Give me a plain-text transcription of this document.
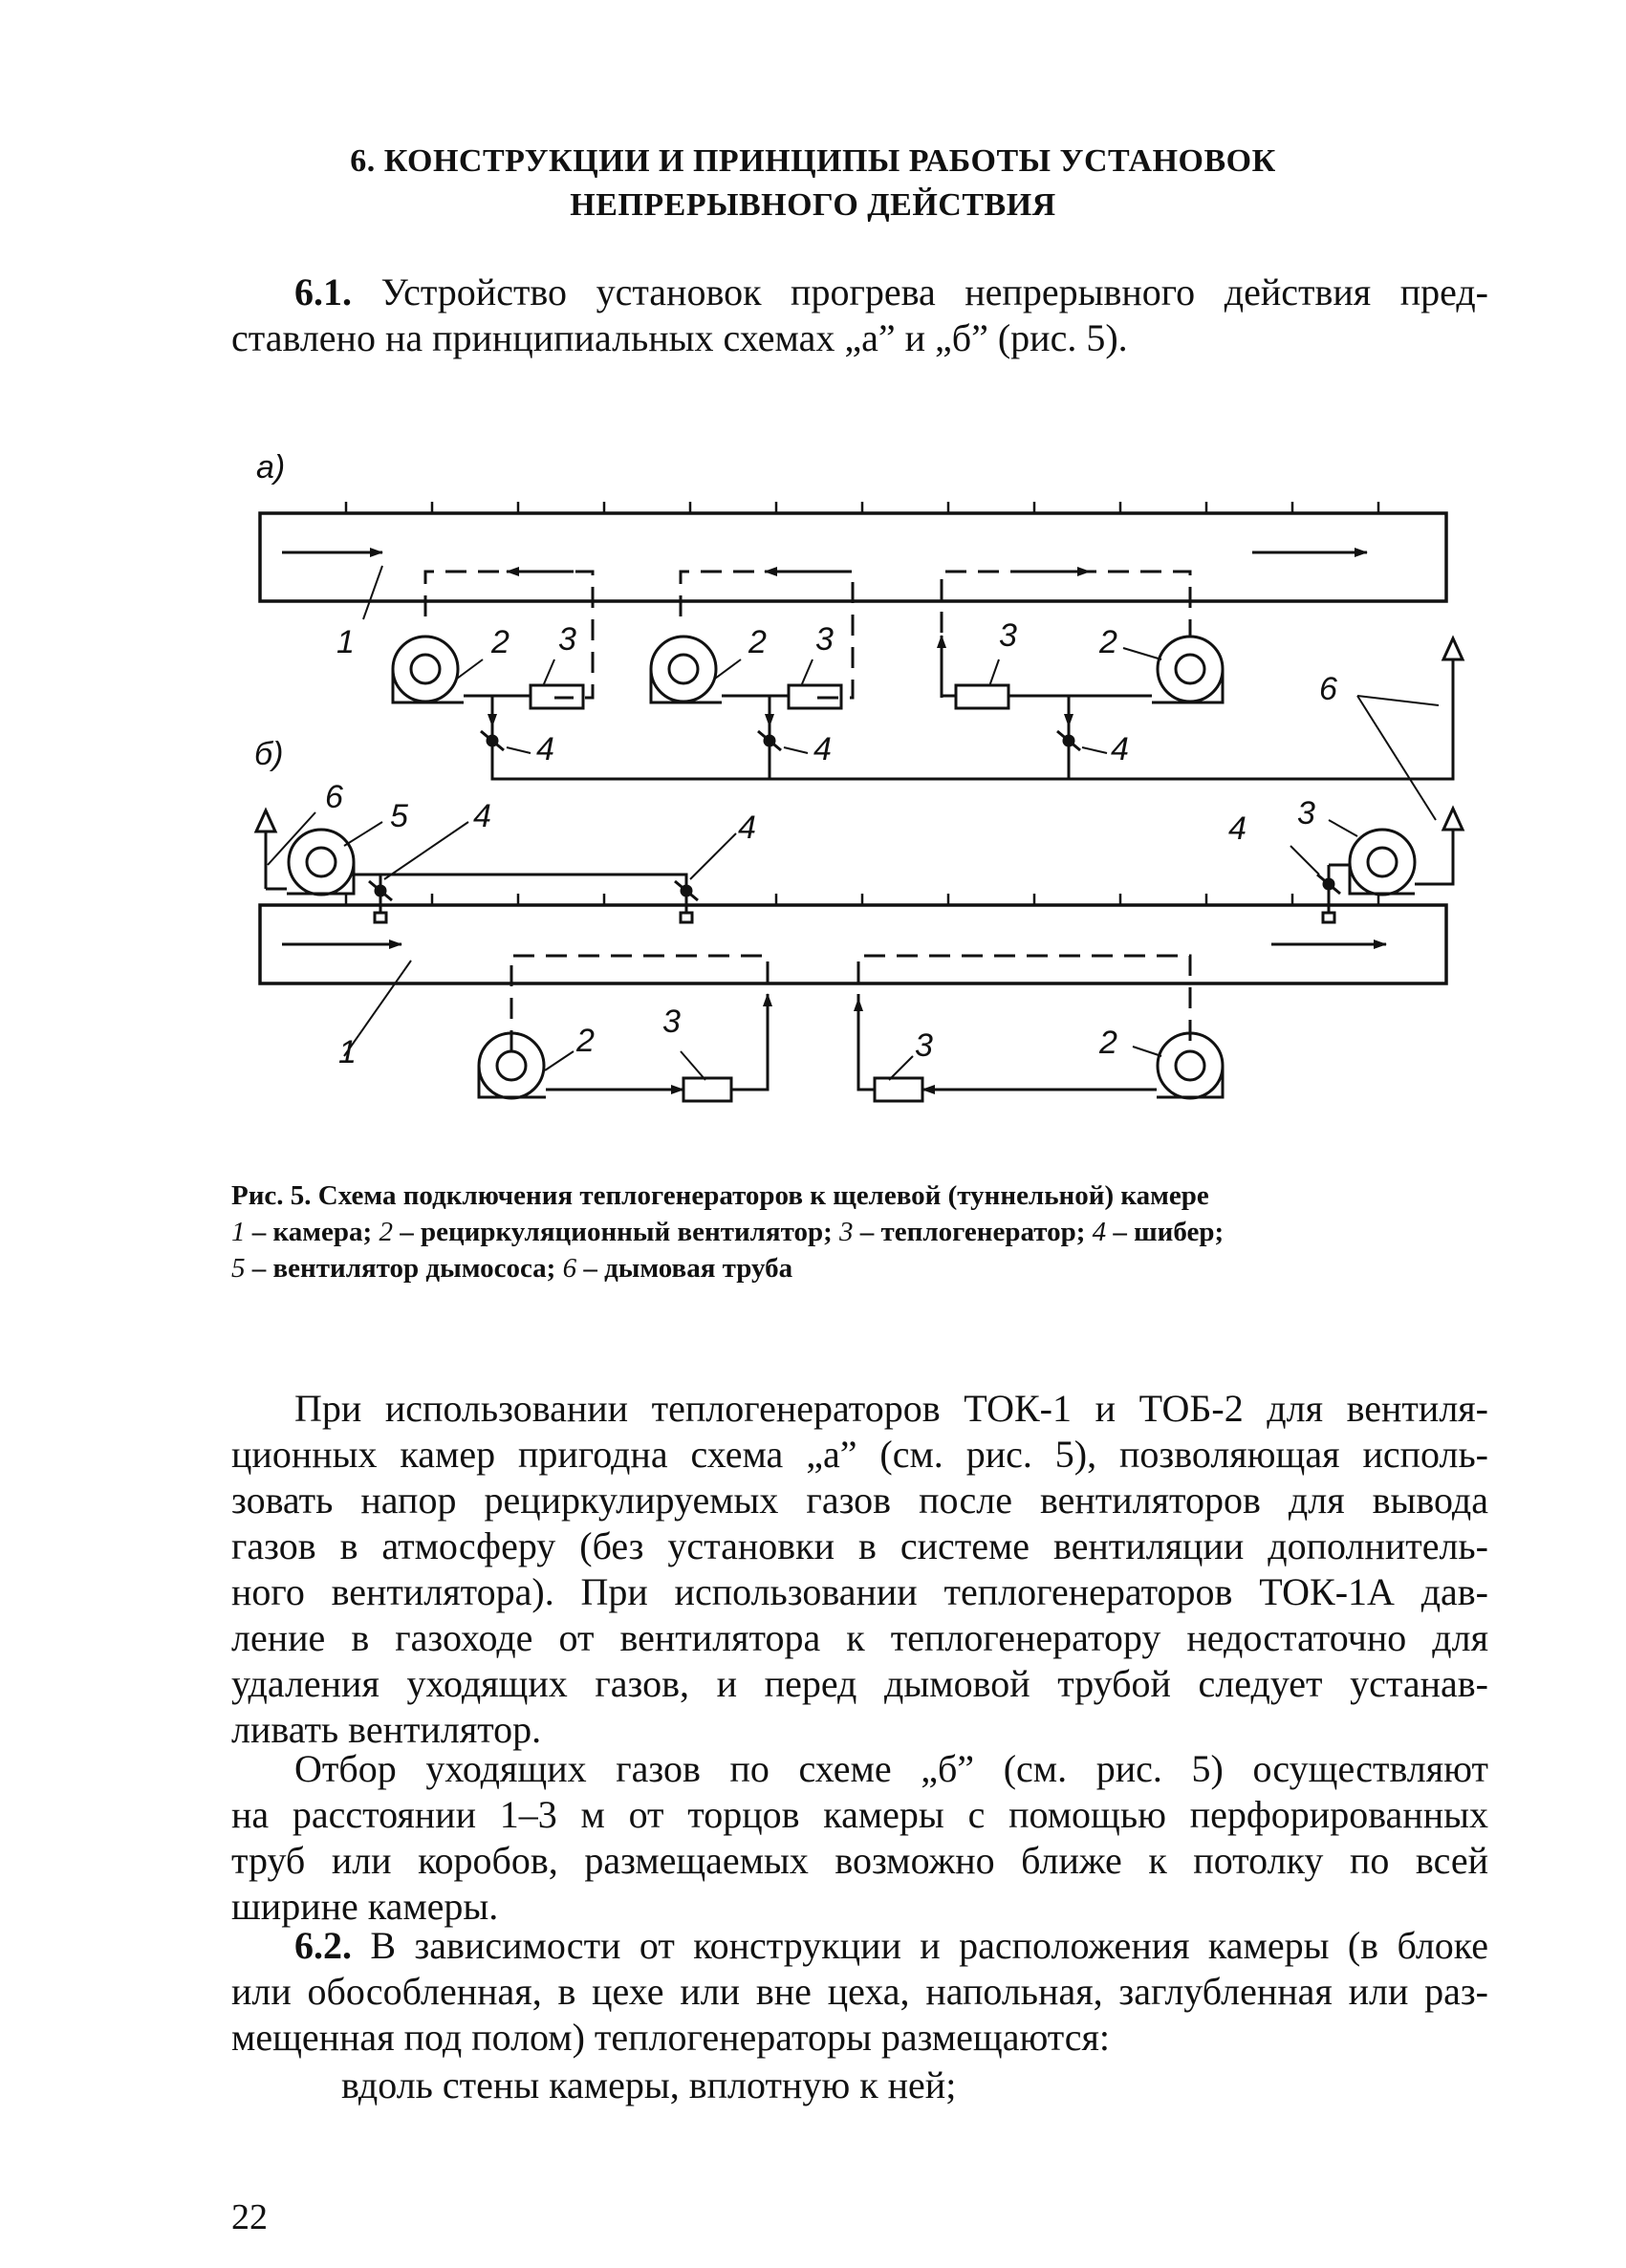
6. КОНСТРУКЦИИ И ПРИНЦИПЫ РАБОТЫ УСТАНОВОК
НЕПРЕРЫВНОГО ДЕЙСТВИЯ
6.1. Устройство установок прогрева непрерывного действия пред-
ставлено на принципиальных схемах „а” и „б” (рис. 5).
а)
б)
1	2 3	2 3	3	2
4	4	4
6
6
5 4	4	4 3
1	2
3
3	2
Рис. 5. Схема подключения теплогенераторов к щелевой (туннельной) камере
1 – камера; 2 – рециркуляционный вентилятор; 3 – теплогенератор; 4 – шибер;
5 – вентилятор дымососа; 6 – дымовая труба
При использовании теплогенераторов ТОК-1 и ТОБ-2 для вентиля-
ционных камер пригодна схема „а” (см. рис. 5), позволяющая исполь-
зовать напор рециркулируемых газов после вентиляторов для вывода
газов в атмосферу (без установки в системе вентиляции дополнитель-
ного вентилятора). При использовании теплогенераторов ТОК-1А дав-
ление в газоходе от вентилятора к теплогенератору недостаточно для
удаления уходящих газов, и перед дымовой трубой следует устанав-
ливать вентилятор.
Отбор уходящих газов по схеме „б” (см. рис. 5) осуществляют
на расстоянии 1–3 м от торцов камеры с помощью перфорированных
труб или коробов, размещаемых возможно ближе к потолку по всей
ширине камеры.
6.2. В зависимости от конструкции и расположения камеры (в блоке
или обособленная, в цехе или вне цеха, напольная, заглубленная или раз-
мещенная под полом) теплогенераторы размещаются:
вдоль стены камеры, вплотную к ней;
22
